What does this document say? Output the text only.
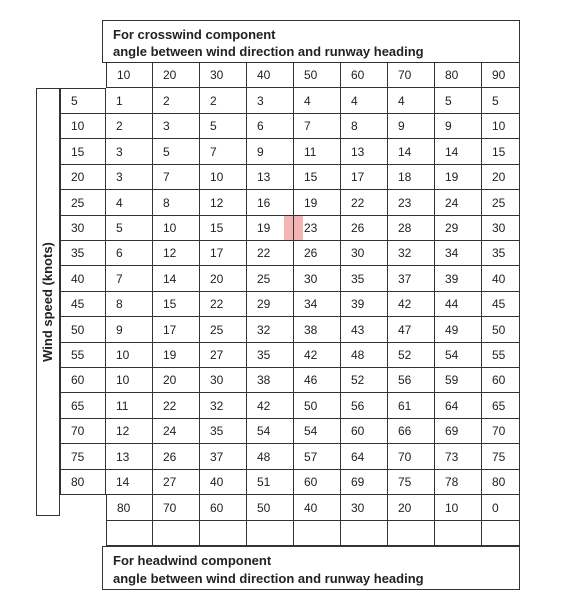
For crosswind component
angle between wind direction and runway heading
Wind speed (knots)
10	20	30	40	50	60	70	80	90
5	1	2	2	3	4	4	4	5	5
10	2	3	5	6	7	8	9	9	10
15	3	5	7	9	11	13	14	14	15
20	3	7	10	13	15	17	18	19	20
25	4	8	12	16	19	22	23	24	25
30	5	10	15	19	23	26	28	29	30
35	6	12	17	22	26	30	32	34	35
40	7	14	20	25	30	35	37	39	40
45	8	15	22	29	34	39	42	44	45
50	9	17	25	32	38	43	47	49	50
55	10	19	27	35	42	48	52	54	55
60	10	20	30	38	46	52	56	59	60
65	11	22	32	42	50	56	61	64	65
70	12	24	35	54	54	60	66	69	70
75	13	26	37	48	57	64	70	73	75
80	14	27	40	51	60	69	75	78	80
80	70	60	50	40	30	20	10	0
For headwind component
angle between wind direction and runway heading
